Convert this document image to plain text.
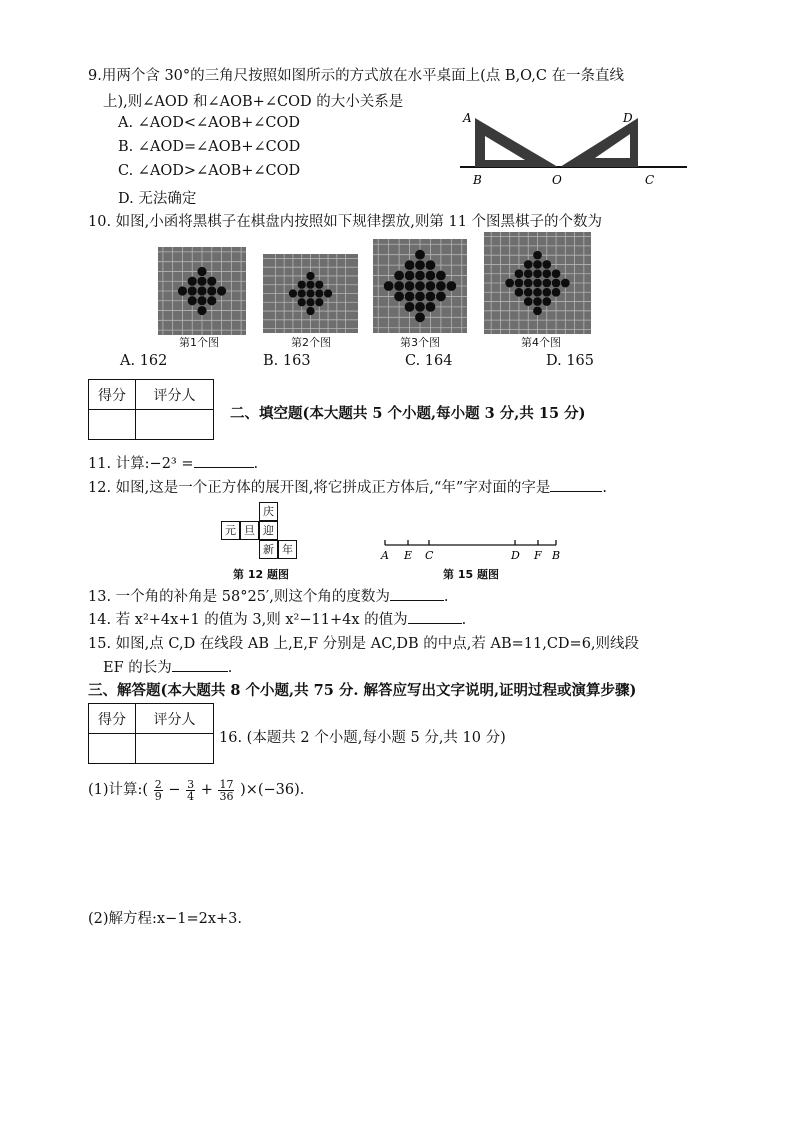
9.用两个含 30°的三角尺按照如图所示的方式放在水平桌面上(点 B,O,C 在一条直线
上),则∠AOD 和∠AOB+∠COD 的大小关系是
A. ∠AOD<∠AOB+∠COD
B. ∠AOD=∠AOB+∠COD
C. ∠AOD>∠AOB+∠COD
D. 无法确定
A
B	O	C
D
10. 如图,小函将黑棋子在棋盘内按照如下规律摆放,则第 11 个图黑棋子的个数为
第1个图	第2个图	第3个图	第4个图
A. 162	B. 163	C. 164	D. 165
得分	评分人

二、填空题(本大题共 5 个小题,每小题 3 分,共 15 分)
11. 计算:−2³ =	.
12. 如图,这是一个正方体的展开图,将它拼成正方体后,“年”字对面的字是	.
庆
元 旦 迎
新 年
第 12 题图
A E C	D F B
第 15 题图
13. 一个角的补角是 58°25′,则这个角的度数为	.
14. 若 x²+4x+1 的值为 3,则 x²−11+4x 的值为	.
15. 如图,点 C,D 在线段 AB 上,E,F 分别是 AC,DB 的中点,若 AB=11,CD=6,则线段
EF 的长为	.
三、解答题(本大题共 8 个小题,共 75 分. 解答应写出文字说明,证明过程或演算步骤)
得分	评分人

16. (本题共 2 个小题,每小题 5 分,共 10 分)
(1)计算:( $\frac{2}{9} - \frac{3}{4} + \frac{17}{36} )\times(-36)$.
(2)解方程:x−1=2x+3.
